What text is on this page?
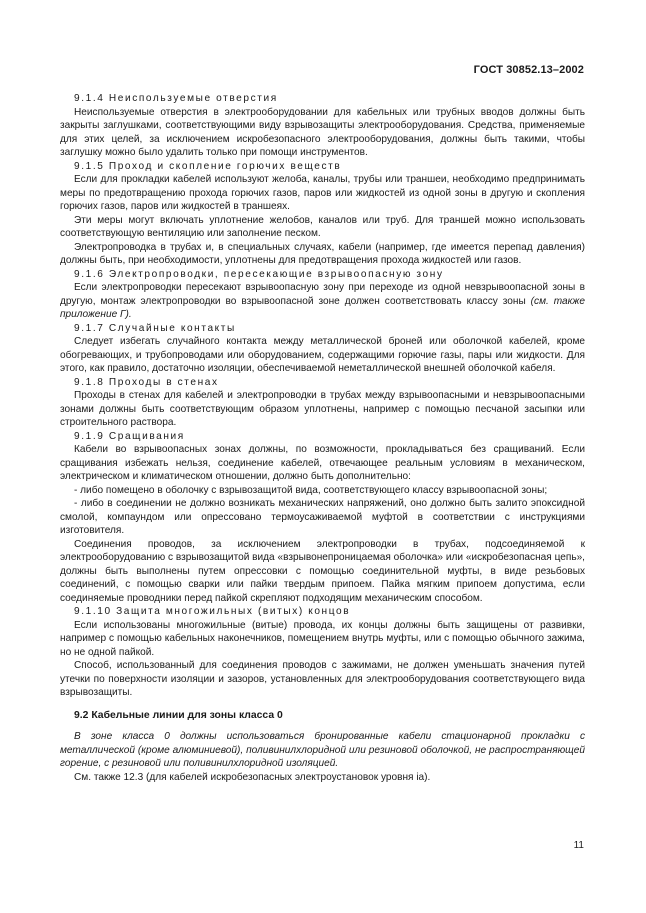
ГОСТ 30852.13–2002
9.1.4 Неиспользуемые отверстия

Неиспользуемые отверстия в электрооборудовании для кабельных или трубных вводов должны быть закрыты заглушками, соответствующими виду взрывозащиты электрооборудования. Средства, применяемые для этих целей, за исключением искробезопасного электрооборудования, должны быть такими, чтобы заглушку можно было удалить только при помощи инструментов.

9.1.5 Проход и скопление горючих веществ

Если для прокладки кабелей используют желоба, каналы, трубы или траншеи, необходимо предпринимать меры по предотвращению прохода горючих газов, паров или жидкостей из одной зоны в другую и скопления горючих газов, паров или жидкостей в траншеях.

Эти меры могут включать уплотнение желобов, каналов или труб. Для траншей можно использовать соответствующую вентиляцию или заполнение песком.

Электропроводка в трубах и, в специальных случаях, кабели (например, где имеется перепад давления) должны быть, при необходимости, уплотнены для предотвращения прохода жидкостей или газов.

9.1.6 Электропроводки, пересекающие взрывоопасную зону

Если электропроводки пересекают взрывоопасную зону при переходе из одной невзрывоопасной зоны в другую, монтаж электропроводки во взрывоопасной зоне должен соответствовать классу зоны (см. также приложение Г).

9.1.7 Случайные контакты

Следует избегать случайного контакта между металлической броней или оболочкой кабелей, кроме обогревающих, и трубопроводами или оборудованием, содержащими горючие газы, пары или жидкости. Для этого, как правило, достаточно изоляции, обеспечиваемой неметаллической внешней оболочкой кабеля.

9.1.8 Проходы в стенах

Проходы в стенах для кабелей и электропроводки в трубах между взрывоопасными и невзрывоопасными зонами должны быть соответствующим образом уплотнены, например с помощью песчаной засыпки или строительного раствора.

9.1.9 Сращивания

Кабели во взрывоопасных зонах должны, по возможности, прокладываться без сращиваний. Если сращивания избежать нельзя, соединение кабелей, отвечающее реальным условиям в механическом, электрическом и климатическом отношении, должно быть дополнительно:

- либо помещено в оболочку с взрывозащитой вида, соответствующего классу взрывоопасной зоны;

- либо в соединении не должно возникать механических напряжений, оно должно быть залито эпоксидной смолой, компаундом или опрессовано термоусаживаемой муфтой в соответствии с инструкциями изготовителя.

Соединения проводов, за исключением электропроводки в трубах, подсоединяемой к электрооборудованию с взрывозащитой вида «взрывонепроницаемая оболочка» или «искробезопасная цепь», должны быть выполнены путем опрессовки с помощью соединительной муфты, в виде резьбовых соединений, с помощью сварки или пайки твердым припоем. Пайка мягким припоем допустима, если соединяемые проводники перед пайкой скрепляют подходящим механическим способом.

9.1.10 Защита многожильных (витых) концов

Если использованы многожильные (витые) провода, их концы должны быть защищены от развивки, например с помощью кабельных наконечников, помещением внутрь муфты, или с помощью обычного зажима, но не одной пайкой.

Способ, использованный для соединения проводов с зажимами, не должен уменьшать значения путей утечки по поверхности изоляции и зазоров, установленных для электрооборудования соответствующего вида взрывозащиты.

9.2 Кабельные линии для зоны класса 0

В зоне класса 0 должны использоваться бронированные кабели стационарной прокладки с металлической (кроме алюминиевой), поливинилхлоридной или резиновой оболочкой, не распространяющей горение, с резиновой или поливинилхлоридной изоляцией.

См. также 12.3 (для кабелей искробезопасных электроустановок уровня ia).

11
